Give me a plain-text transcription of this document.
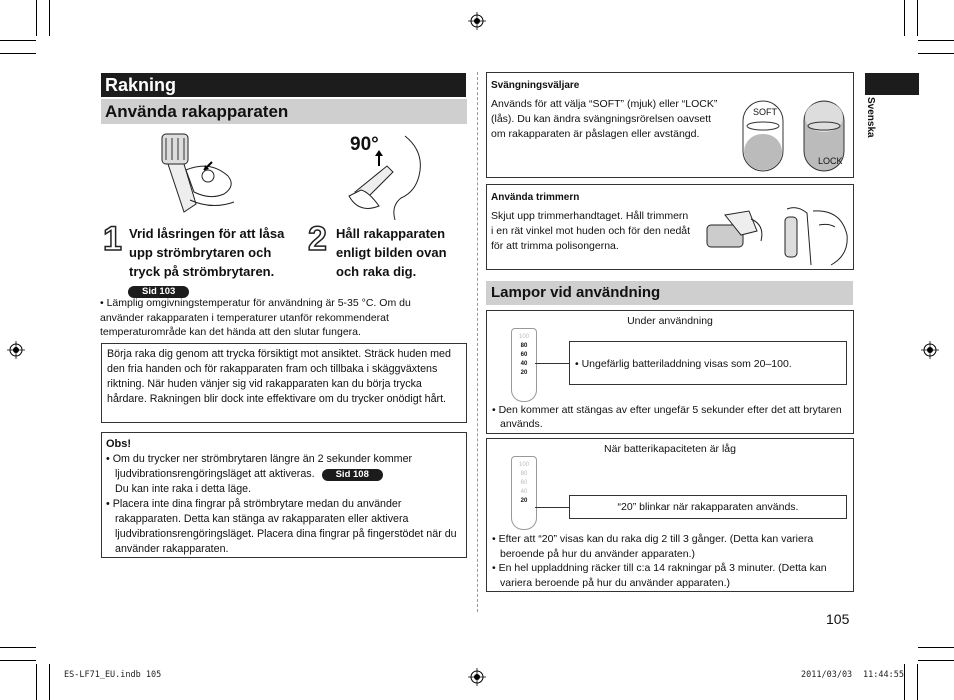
Rakning
Använda rakapparaten
90°
1 Vrid låsringen för att låsa upp strömbrytaren och tryck på strömbrytaren.
Sid 103
2 Håll rakapparaten enligt bilden ovan och raka dig.
• Lämplig omgivningstemperatur för användning är 5-35 °C. Om du använder rakapparaten i temperaturer utanför rekommenderat temperaturområde kan det hända att den slutar fungera.
Börja raka dig genom att trycka försiktigt mot ansiktet. Sträck huden med den fria handen och för rakapparaten fram och tillbaka i skäggväxtens riktning. När huden vänjer sig vid rakapparaten kan du börja trycka hårdare. Rakningen blir dock inte effektivare om du trycker onödigt hårt.
Obs!
• Om du trycker ner strömbrytaren längre än 2 sekunder kommer
ljudvibrationsrengöringsläget att aktiveras. Sid 108
Du kan inte raka i detta läge.
• Placera inte dina fingrar på strömbrytare medan du använder rakapparaten. Detta kan stänga av rakapparaten eller aktivera ljudvibrationsrengöringsläget. Placera dina fingrar på fingerstödet när du använder rakapparaten.
Svängningsväljare
Används för att välja “SOFT” (mjuk) eller “LOCK” (lås). Du kan ändra svängningsrörelsen oavsett om rakapparaten är påslagen eller avstängd.
SOFT
LOCK
Använda trimmern
Skjut upp trimmerhandtaget. Håll trimmern i en rät vinkel mot huden och för den nedåt för att trimma polisongerna.
Lampor vid användning
Under användning
100
80
60
40
20
• Ungefärlig batteriladdning visas som 20–100.
• Den kommer att stängas av efter ungefär 5 sekunder efter det att brytaren används.
När batterikapaciteten är låg
100
80
60
40
20	“20” blinkar när rakapparaten används.
• Efter att “20” visas kan du raka dig 2 till 3 gånger. (Detta kan variera beroende på hur du använder apparaten.)
• En hel uppladdning räcker till c:a 14 rakningar på 3 minuter. (Detta kan variera beroende på hur du använder apparaten.)
Svenska
105
ES-LF71_EU.indb 105	2011/03/03 11:44:55
